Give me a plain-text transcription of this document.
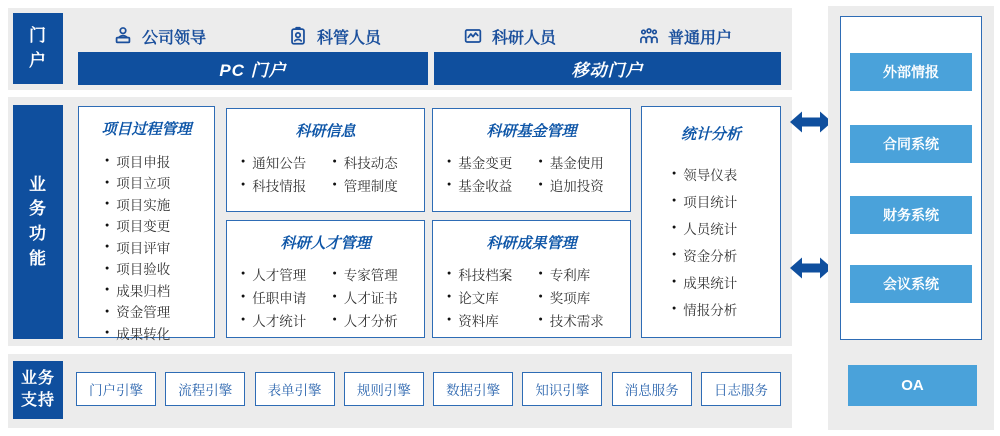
门
户
公司领导	科管人员	科研人员	普通用户
PC 门户	移动门户
业
务
功
能
项目过程管理
● 项目申报
● 项目立项
● 项目实施
● 项目变更
● 项目评审
● 项目验收
● 成果归档
● 资金管理
● 成果转化
科研信息
● 通知公告	● 科技动态
● 科技情报	● 管理制度
科研人才管理
● 人才管理	● 专家管理
● 任职申请	● 人才证书
● 人才统计	● 人才分析
科研基金管理
● 基金变更	● 基金使用
● 基金收益	● 追加投资
科研成果管理
● 科技档案	● 专利库
● 论文库	● 奖项库
● 资料库	● 技术需求
统计分析
● 领导仪表
● 项目统计
● 人员统计
● 资金分析
● 成果统计
● 情报分析
业务
支持
门户引擎	流程引擎	表单引擎	规则引擎	数据引擎	知识引擎	消息服务	日志服务
外部情报
合同系统
财务系统
会议系统
OA
